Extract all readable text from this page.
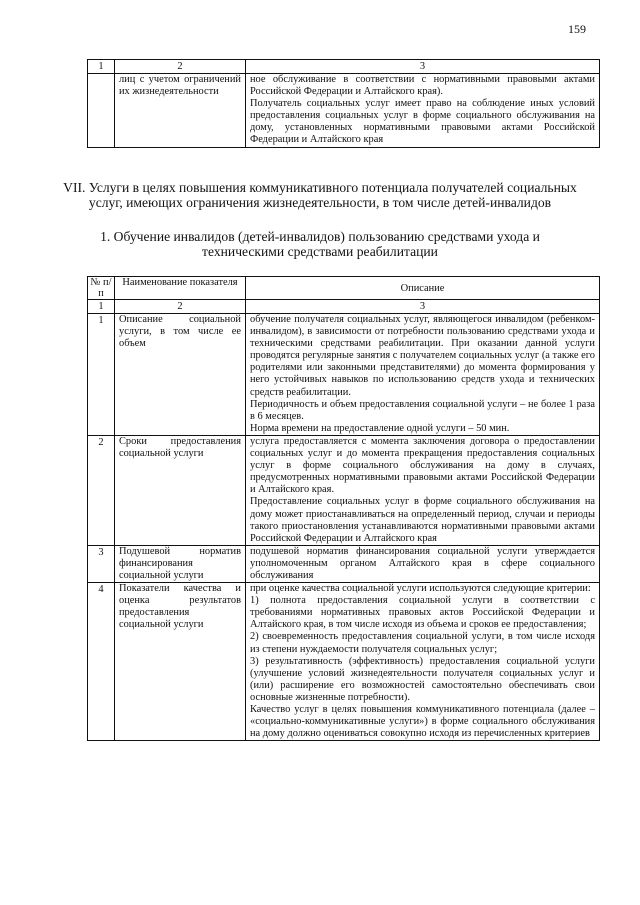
159
1	2	3
	лиц с учетом ограничений их жизнедеятельности	ное обслуживание в соответствии с нормативными правовыми актами Российской Федерации и Алтайского края).

Получатель социальных услуг имеет право на соблюдение иных условий предоставления социальных услуг в форме социального обслуживания на дому, установленных нормативными правовыми актами Российской Федерации и Алтайского края

VII. Услуги в целях повышения коммуникативного потенциала получателей социальных услуг, имеющих ограничения жизнедеятельности, в том числе детей-инвалидов
1. Обучение инвалидов (детей-инвалидов) пользованию средствами ухода и техническими средствами реабилитации
№ п/п	Наименование показателя	Описание
1	2	3
1	Описание социальной услуги, в том числе ее объем	обучение получателя социальных услуг, являющегося инвалидом (ребенком-инвалидом), в зависимости от потребности пользованию средствами ухода и техническими средствами реабилитации. При оказании данной услуги проводятся регулярные занятия с получателем социальных услуг (а также его родителями или законными представителями) до момента формирования у него устойчивых навыков по использованию средств ухода и технических средств реабилитации.

Периодичность и объем предоставления социальной услуги – не более 1 раза в 6 месяцев.

Норма времени на предоставление одной услуги – 50 мин.

2	Сроки предоставления социальной услуги	услуга предоставляется с момента заключения договора о предоставлении социальных услуг и до момента прекращения предоставления социальных услуг в форме социального обслуживания на дому в случаях, предусмотренных нормативными правовыми актами Российской Федерации и Алтайского края.

Предоставление социальных услуг в форме социального обслуживания на дому может приостанавливаться на определенный период, случаи и периоды такого приостановления устанавливаются нормативными правовыми актами Российской Федерации и Алтайского края

3	Подушевой норматив финансирования социальной услуги	подушевой норматив финансирования социальной услуги утверждается уполномоченным органом Алтайского края в сфере социального обслуживания

4	Показатели качества и оценка результатов предоставления социальной услуги	при оценке качества социальной услуги используются следующие критерии:

1) полнота предоставления социальной услуги в соответствии с требованиями нормативных правовых актов Российской Федерации и Алтайского края, в том числе исходя из объема и сроков ее предоставления;

2) своевременность предоставления социальной услуги, в том числе исходя из степени нуждаемости получателя социальных услуг;

3) результативность (эффективность) предоставления социальной услуги (улучшение условий жизнедеятельности получателя социальных услуг и (или) расширение его возможностей самостоятельно обеспечивать свои основные жизненные потребности).

Качество услуг в целях повышения коммуникативного потенциала (далее – «социально-коммуникативные услуги») в форме социального обслуживания на дому должно оцениваться совокупно исходя из перечисленных критериев
